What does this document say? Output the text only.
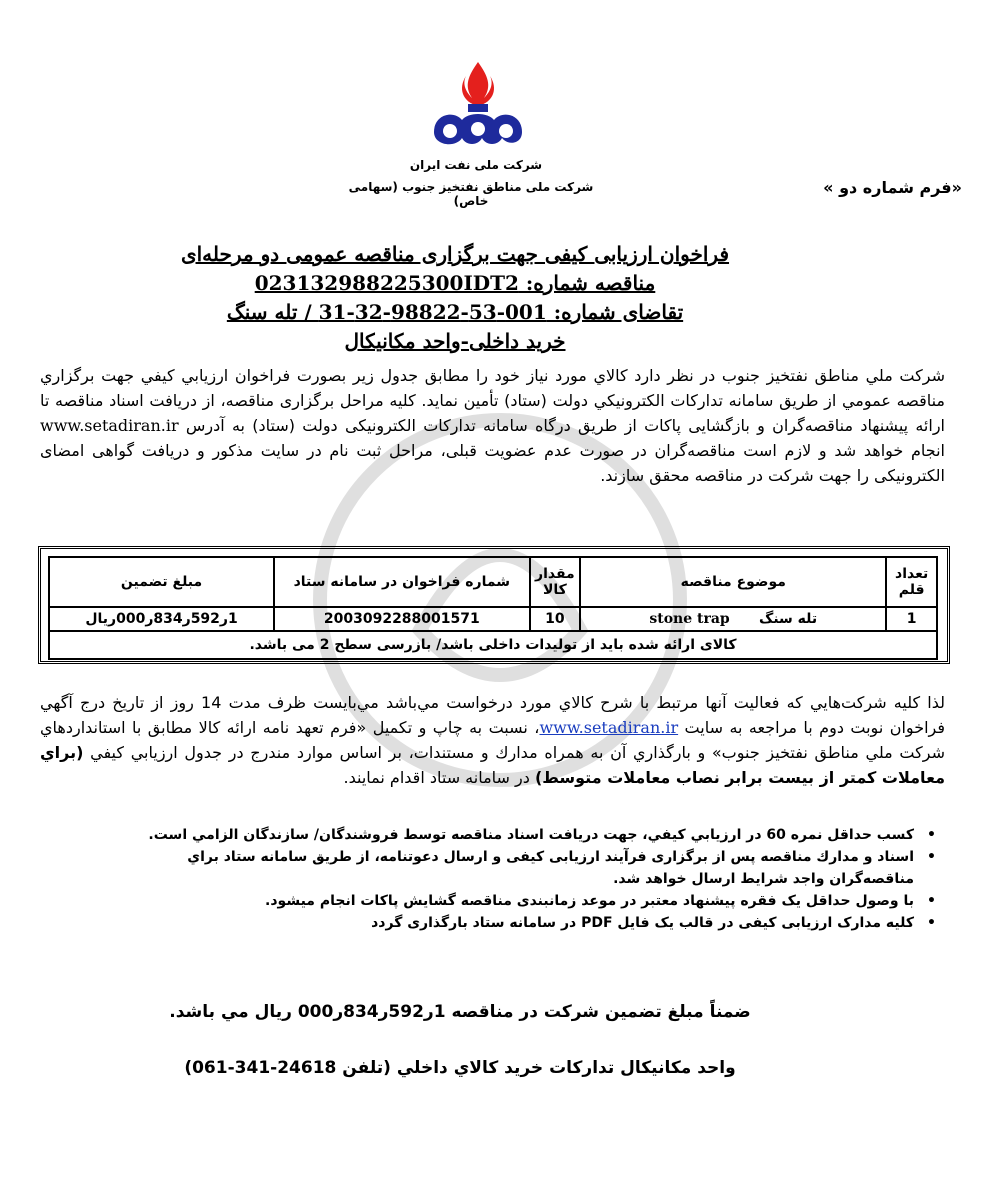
شرکت ملی نفت ایران
شرکت ملی مناطق نفتخیز جنوب (سهامی خاص)
«فرم شماره دو »
فراخوان ارزیابی کیفی جهت برگزاری مناقصه عمومی دو مرحله‌ای
مناقصه شماره: 023132988225300IDT2
تقاضای شماره: 001-53-98822-32-31 / تله سنگ
خرید داخلی-واحد مکانیکال
شركت ملي مناطق نفتخيز جنوب در نظر دارد كالاي مورد نياز خود را مطابق جدول زير بصورت فراخوان ارزيابي كيفي جهت برگزاري مناقصه عمومي از طريق سامانه تداركات الكترونيكي دولت (ستاد) تأمين نمايد. كليه مراحل برگزاری مناقصه، از دریافت اسناد مناقصه تا ارائه پیشنهاد مناقصه‌گران و بازگشایی پاکات از طریق درگاه سامانه تدارکات الکترونیکی دولت (ستاد) به آدرس www.setadiran.ir انجام خواهد شد و لازم است مناقصه‌گران در صورت عدم عضویت قبلی، مراحل ثبت نام در سایت مذکور و دریافت گواهی امضای الکترونیکی را جهت شرکت در مناقصه محقق سازند.
تعداد قلم	موضوع مناقصه	مقدار کالا	شماره فراخوان در سامانه ستاد	مبلغ تضمین
1	تله سنگ      stone trap	10	2003092288001571	1ر592ر834ر000ريال
کالای ارائه شده باید از تولیدات داخلی باشد/ بازرسی سطح 2 می باشد.				
لذا كليه شركت‌هايي كه فعاليت آنها مرتبط با شرح كالاي مورد درخواست مي‌باشد مي‌بايست ظرف مدت 14 روز از تاريخ درج آگهي فراخوان نوبت دوم با مراجعه به سايت www.setadiran.ir، نسبت به چاپ و تكميل «فرم تعهد نامه ارائه كالا مطابق با استانداردهاي شركت ملي مناطق نفتخيز جنوب» و بارگذاري آن به همراه مدارك و مستندات، بر اساس موارد مندرج در جدول ارزيابي كيفي (براي معاملات كمتر از بيست برابر نصاب معاملات متوسط) در سامانه ستاد اقدام نمايند.
• كسب حداقل نمره 60 در ارزيابي كيفي، جهت دريافت اسناد مناقصه توسط فروشندگان/ سازندگان الزامي است.
• اسناد و مدارك مناقصه پس از برگزاری فرآیند ارزیابی کیفی و ارسال دعوتنامه، از طريق سامانه ستاد براي مناقصه‌گران واجد شرايط ارسال خواهد شد.
• با وصول حداقل یک فقره پیشنهاد معتبر در موعد زمانبندی مناقصه گشایش پاکات انجام میشود.
• کلیه مدارک ارزیابی کیفی در قالب یک فایل PDF در سامانه ستاد بارگذاری گردد
ضمناً مبلغ تضمين شركت در مناقصه 1ر592ر834ر000 ريال مي باشد.
واحد مكانيكال تداركات خريد كالاي داخلي (تلفن 24618-341-061)
